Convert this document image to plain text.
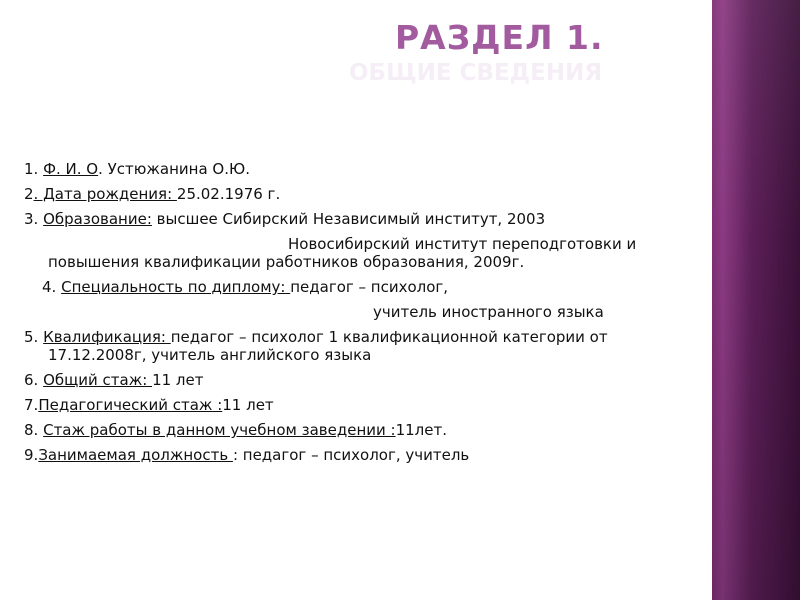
РАЗДЕЛ 1.
ОБЩИЕ СВЕДЕНИЯ
1. Ф. И. О. Устюжанина О.Ю.
2. Дата рождения: 25.02.1976 г.
3. Образование: высшее Сибирский Независимый институт, 2003
Новосибирский институт переподготовки и
повышения квалификации работников образования, 2009г.
4. Специальность по диплому: педагог – психолог,
учитель иностранного языка
5. Квалификация: педагог – психолог 1 квалификационной категории от
17.12.2008г, учитель английского языка
6. Общий стаж: 11 лет
7.Педагогический стаж :11 лет
8. Стаж работы в данном учебном заведении :11лет.
9.Занимаемая должность : педагог – психолог, учитель
